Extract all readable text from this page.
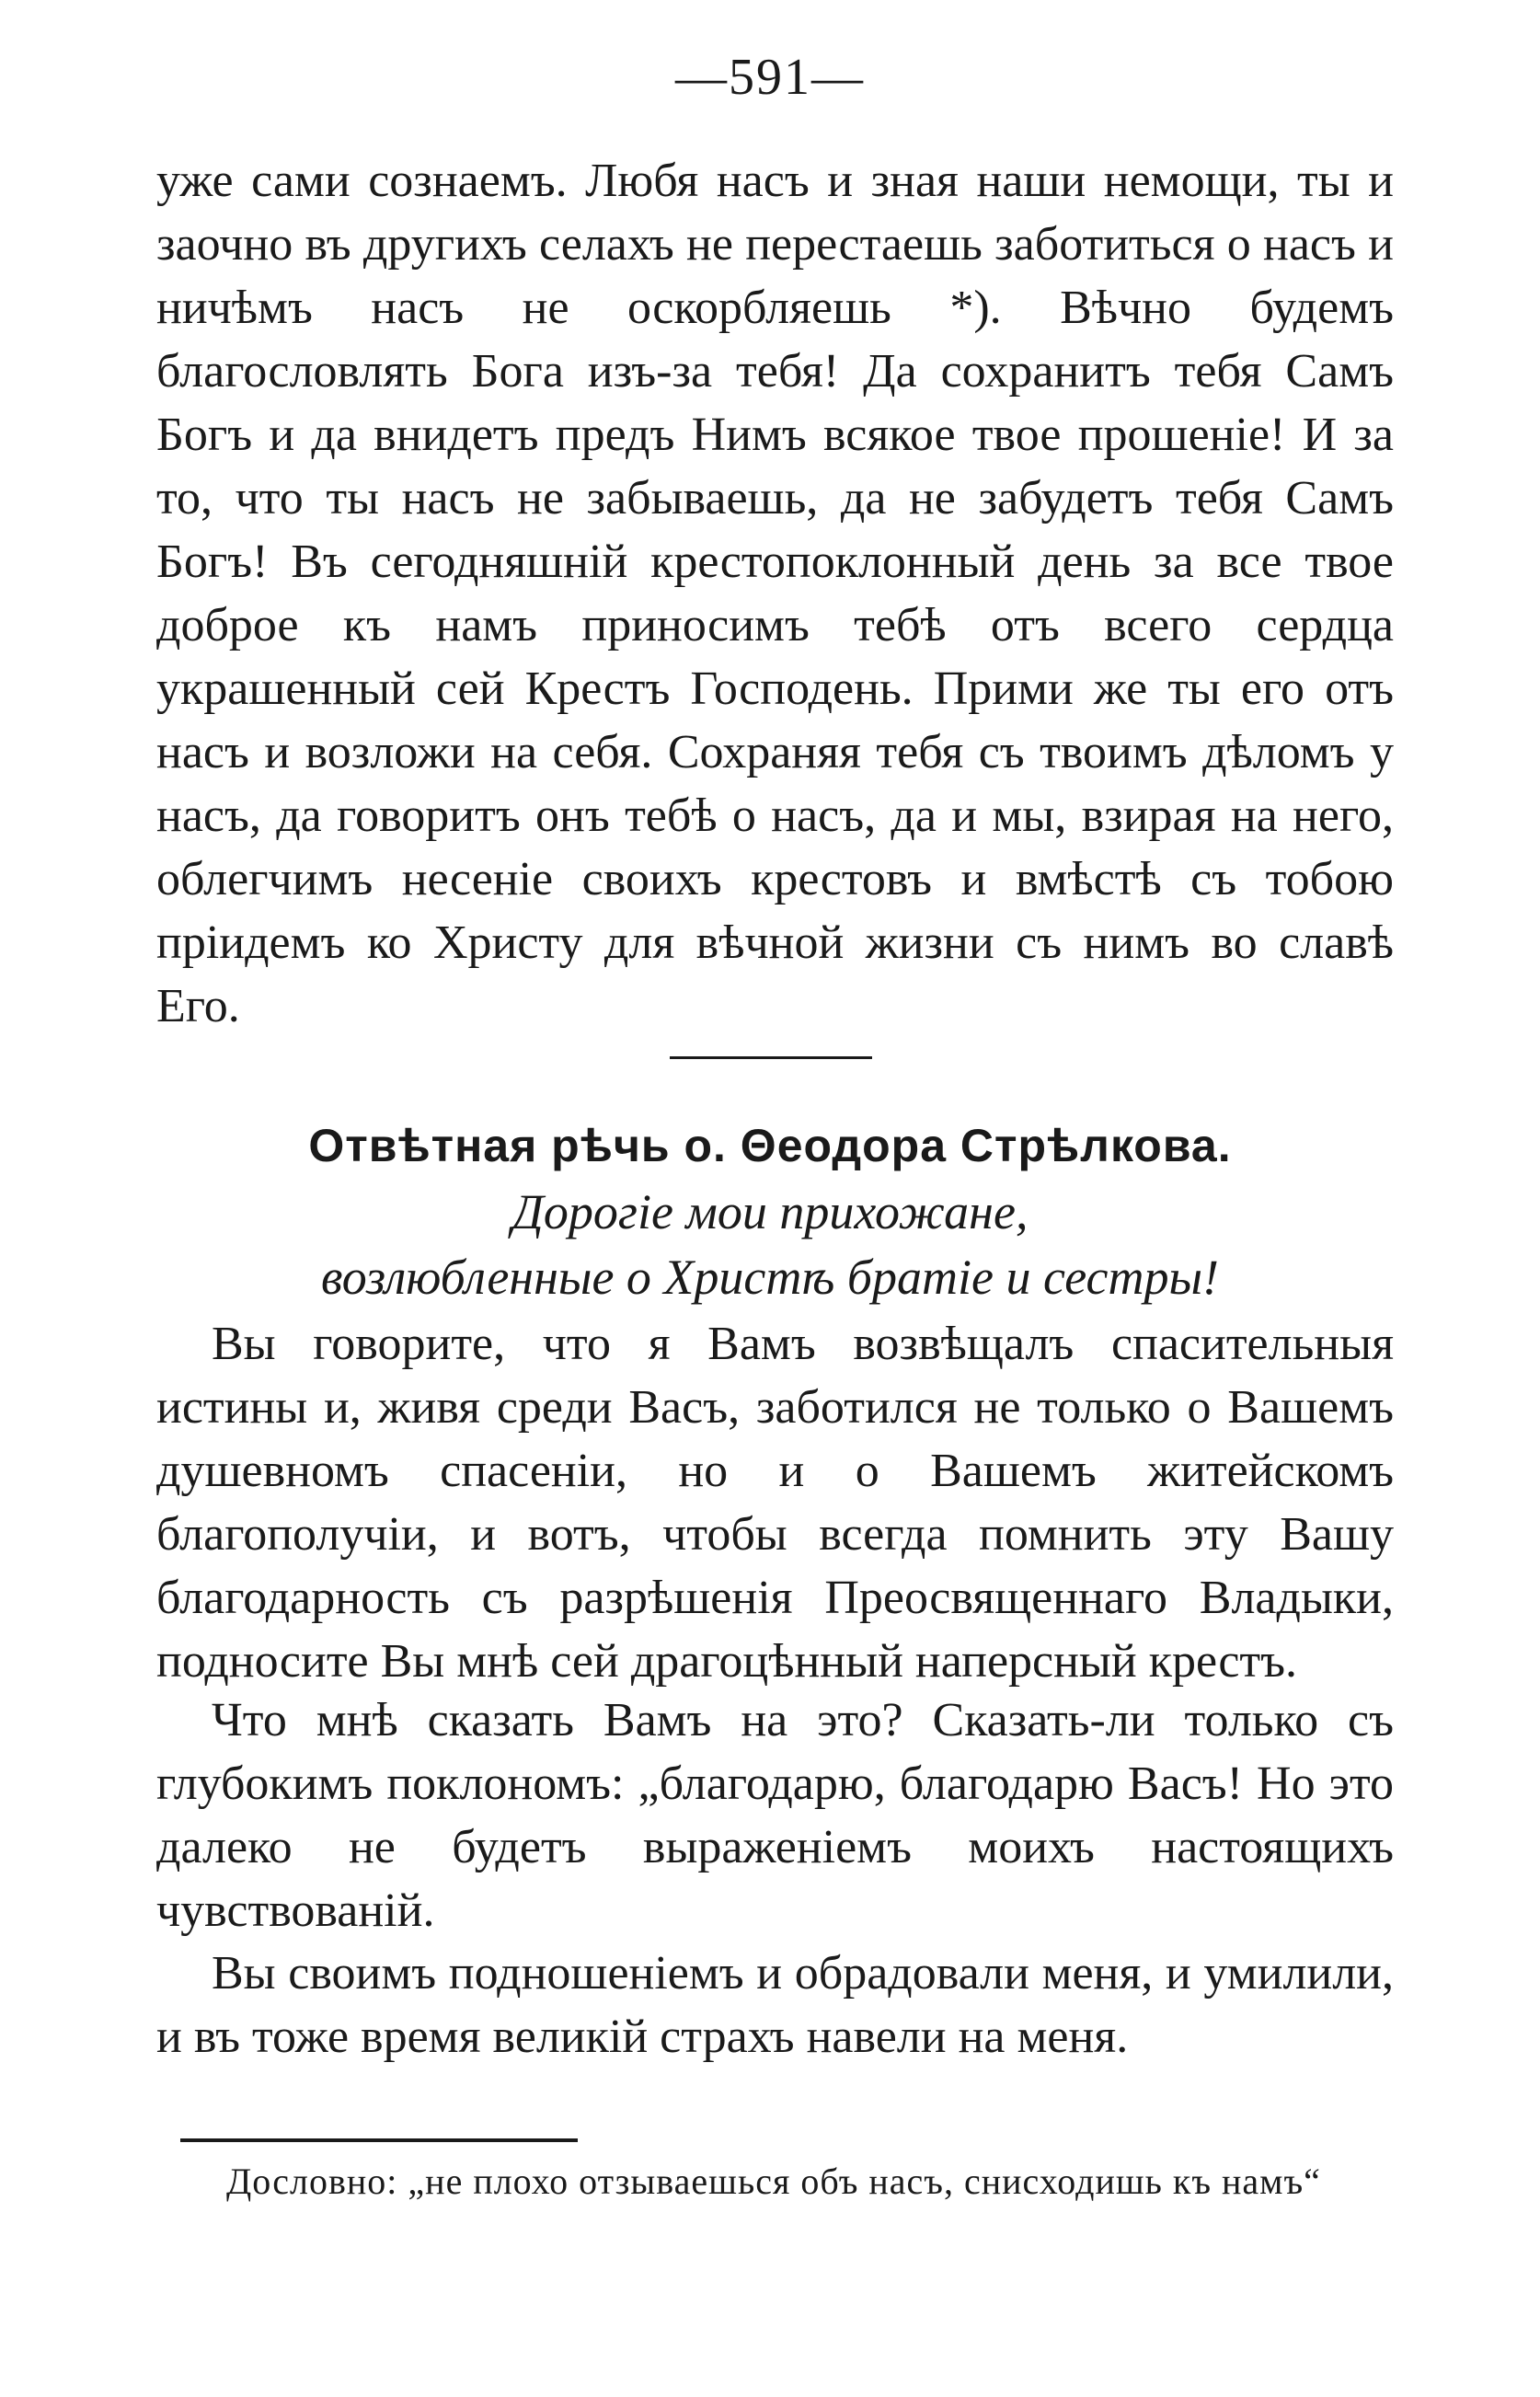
—591—

уже сами сознаемъ. Любя насъ и зная наши немощи, ты и заочно въ другихъ селахъ не перестаешь заботиться о насъ и ничѣмъ насъ не оскорбляешь *). Вѣчно будемъ благословлять Бога изъ-за тебя! Да сохранитъ тебя Самъ Богъ и да внидетъ предъ Нимъ всякое твое прошеніе! И за то, что ты насъ не забываешь, да не забудетъ тебя Самъ Богъ! Въ сегодняшній крестопоклонный день за все твое доброе къ намъ приносимъ тебѣ отъ всего сердца украшенный сей Крестъ Господень. Прими же ты его отъ насъ и возложи на себя. Сохраняя тебя съ твоимъ дѣломъ у насъ, да говоритъ онъ тебѣ о насъ, да и мы, взирая на него, облегчимъ несеніе своихъ крестовъ и вмѣстѣ съ тобою пріидемъ ко Христу для вѣчной жизни съ нимъ во славѣ Его.

Отвѣтная рѣчь о. Θеодора Стрѣлкова.
Дорогіе мои прихожане,
возлюбленные о Христѣ братіе и сестры!

Вы говорите, что я Вамъ возвѣщалъ спасительныя истины и, живя среди Васъ, заботился не только о Вашемъ душевномъ спасеніи, но и о Вашемъ житейскомъ благополучіи, и вотъ, чтобы всегда помнить эту Вашу благодарность съ разрѣшенія Преосвященнаго Владыки, подносите Вы мнѣ сей драгоцѣнный наперсный крестъ.

Что мнѣ сказать Вамъ на это? Сказать-ли только съ глубокимъ поклономъ: „благодарю, благодарю Васъ! Но это далеко не будетъ выраженіемъ моихъ настоящихъ чувствованій.

Вы своимъ подношеніемъ и обрадовали меня, и умилили, и въ тоже время великій страхъ навели на меня.

Дословно: „не плохо отзываешься объ насъ, снисходишь къ намъ“
